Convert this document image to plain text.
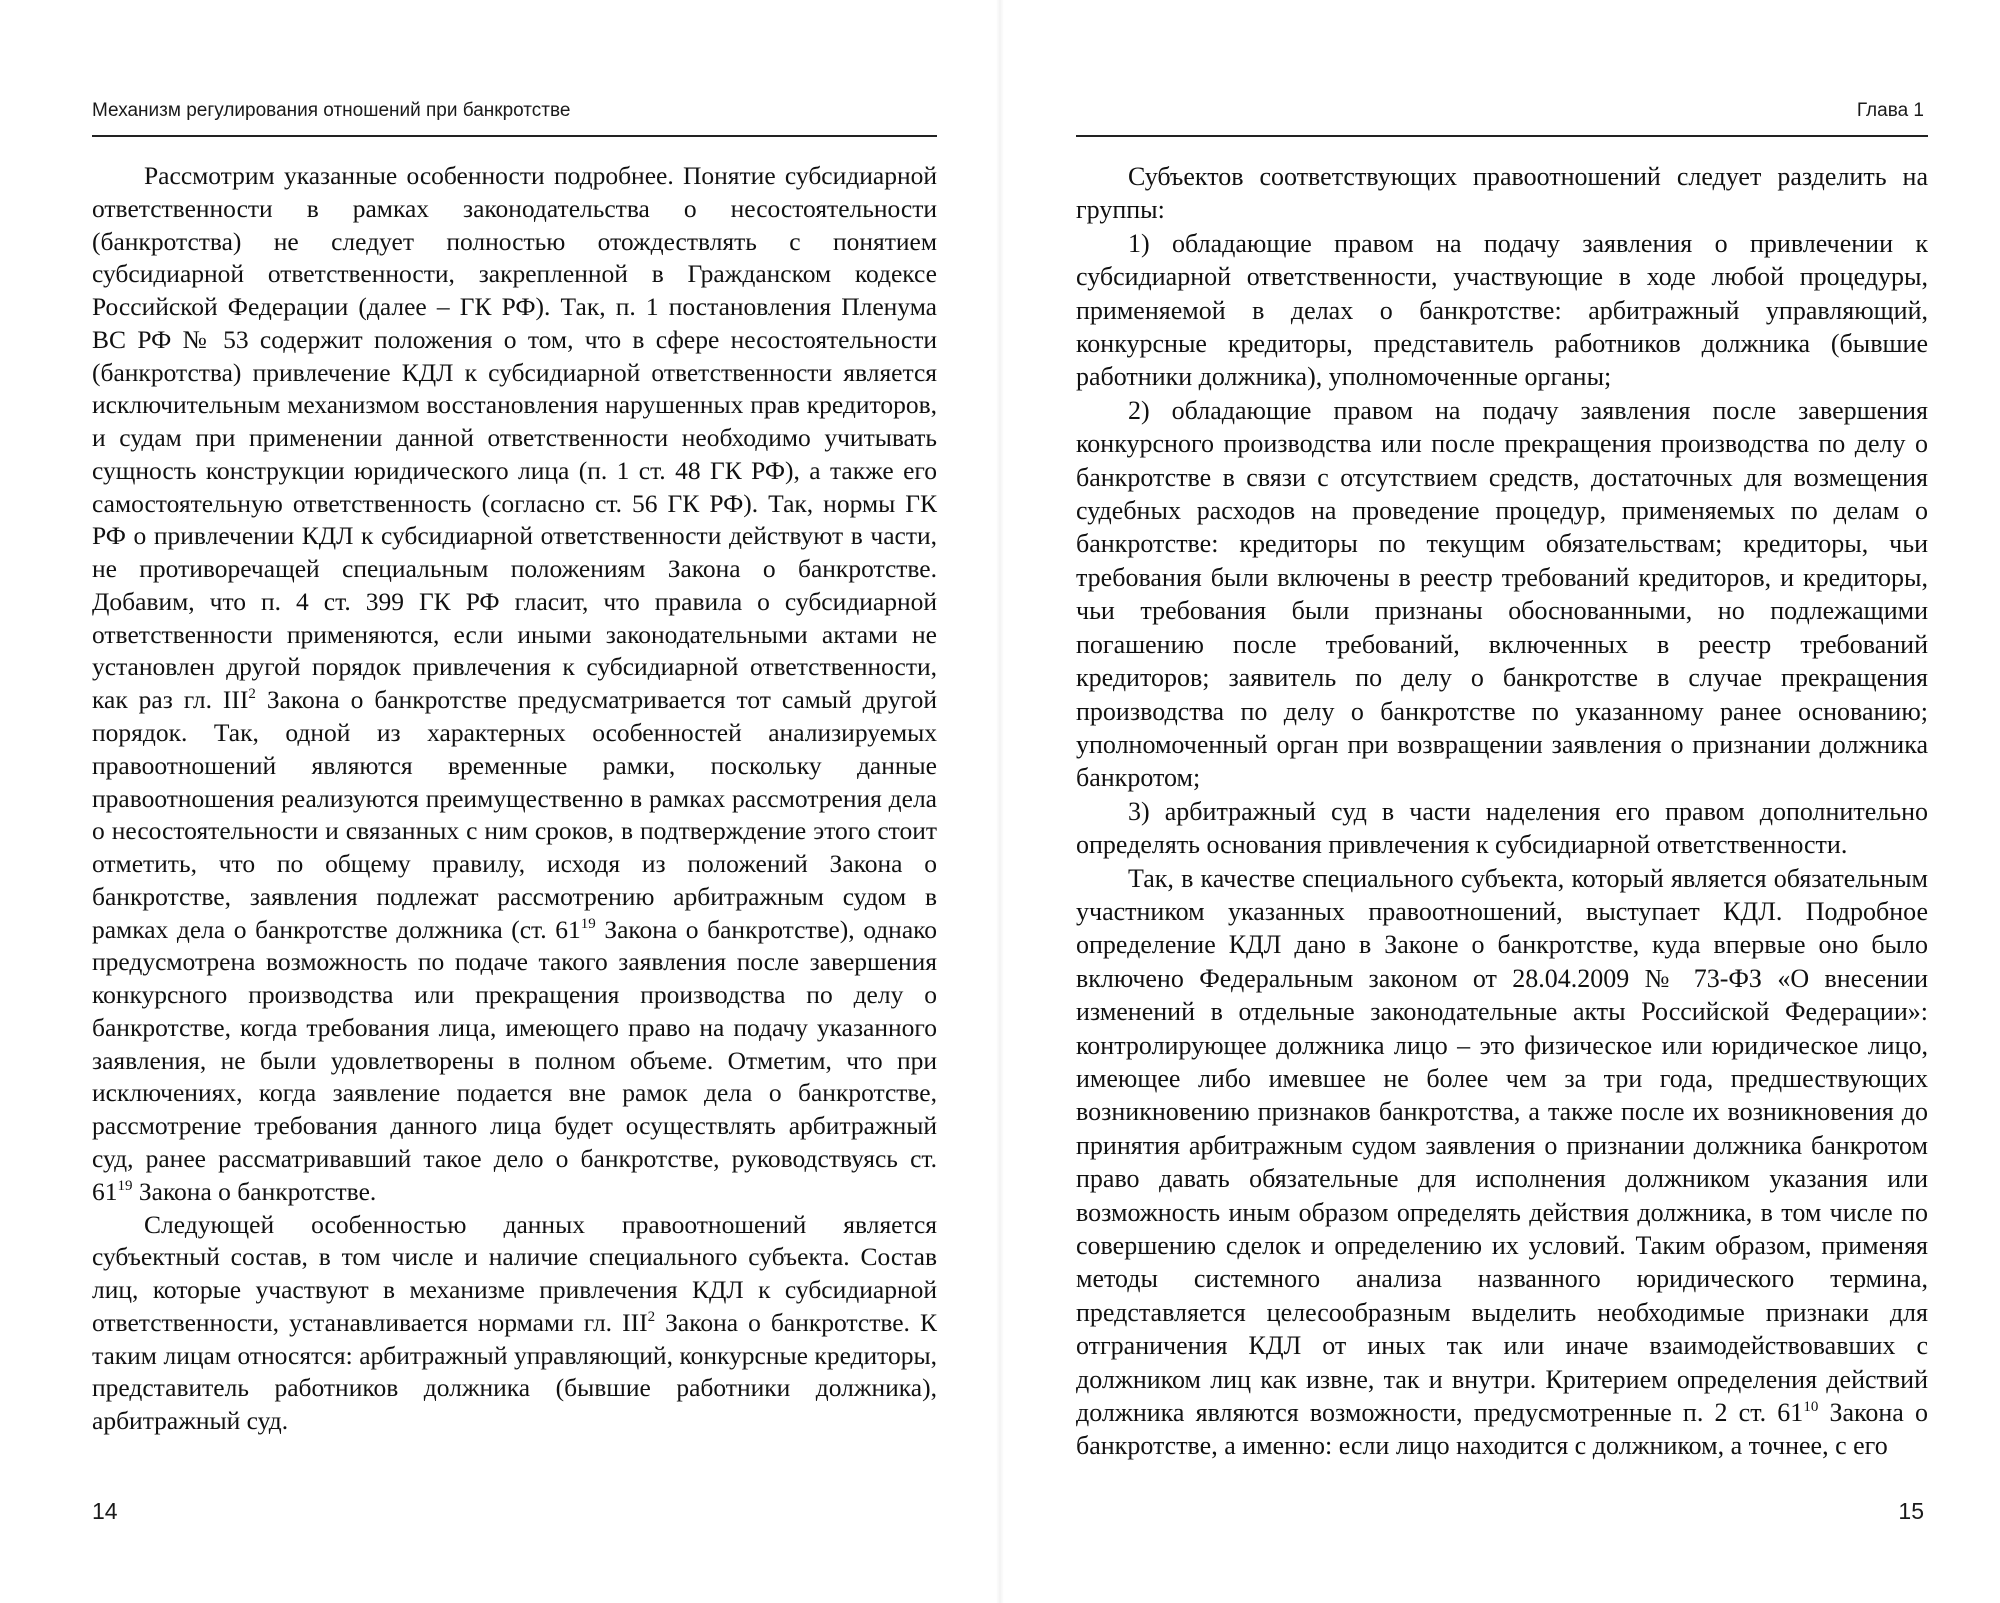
Механизм регулирования отношений при банкротстве

Рассмотрим указанные особенности подробнее. Понятие субсидиарной ответственности в рамках законодательства о несостоятельности (банкротства) не следует полностью отождествлять с понятием субсидиарной ответственности, закрепленной в Гражданском кодексе Российской Федерации (далее – ГК РФ). Так, п. 1 постановления Пленума ВС РФ № 53 содержит положения о том, что в сфере несостоятельности (банкротства) привлечение КДЛ к субсидиарной ответственности является исключительным механизмом восстановления нарушенных прав кредиторов, и судам при применении данной ответственности необходимо учитывать сущность конструкции юридического лица (п. 1 ст. 48 ГК РФ), а также его самостоятельную ответственность (согласно ст. 56 ГК РФ). Так, нормы ГК РФ о привлечении КДЛ к субсидиарной ответственности действуют в части, не противоречащей специальным положениям Закона о банкротстве. Добавим, что п. 4 ст. 399 ГК РФ гласит, что правила о субсидиарной ответственности применяются, если иными законодательными актами не установлен другой порядок привлечения к субсидиарной ответственности, как раз гл. III$^2$ Закона о банкротстве предусматривается тот самый другой порядок. Так, одной из характерных особенностей анализируемых правоотношений являются временные рамки, поскольку данные правоотношения реализуются преимущественно в рамках рассмотрения дела о несостоятельности и связанных с ним сроков, в подтверждение этого стоит отметить, что по общему правилу, исходя из положений Закона о банкротстве, заявления подлежат рассмотрению арбитражным судом в рамках дела о банкротстве должника (ст. $61^{19}$ Закона о банкротстве), однако предусмотрена возможность по подаче такого заявления после завершения конкурсного производства или прекращения производства по делу о банкротстве, когда требования лица, имеющего право на подачу указанного заявления, не были удовлетворены в полном объеме. Отметим, что при исключениях, когда заявление подается вне рамок дела о банкротстве, рассмотрение требования данного лица будет осуществлять арбитражный суд, ранее рассматривавший такое дело о банкротстве, руководствуясь ст. $61^{19}$ Закона о банкротстве.

Следующей особенностью данных правоотношений является субъектный состав, в том числе и наличие специального субъекта. Состав лиц, которые участвуют в механизме привлечения КДЛ к субсидиарной ответственности, устанавливается нормами гл. III$^2$ Закона о банкротстве. К таким лицам относятся: арбитражный управляющий, конкурсные кредиторы, представитель работников должника (бывшие работники должника), арбитражный суд.

14
Глава 1

Субъектов соответствующих правоотношений следует разделить на группы:

1) обладающие правом на подачу заявления о привлечении к субсидиарной ответственности, участвующие в ходе любой процедуры, применяемой в делах о банкротстве: арбитражный управляющий, конкурсные кредиторы, представитель работников должника (бывшие работники должника), уполномоченные органы;

2) обладающие правом на подачу заявления после завершения конкурсного производства или после прекращения производства по делу о банкротстве в связи с отсутствием средств, достаточных для возмещения судебных расходов на проведение процедур, применяемых по делам о банкротстве: кредиторы по текущим обязательствам; кредиторы, чьи требования были включены в реестр требований кредиторов, и кредиторы, чьи требования были признаны обоснованными, но подлежащими погашению после требований, включенных в реестр требований кредиторов; заявитель по делу о банкротстве в случае прекращения производства по делу о банкротстве по указанному ранее основанию; уполномоченный орган при возвращении заявления о признании должника банкротом;

3) арбитражный суд в части наделения его правом дополнительно определять основания привлечения к субсидиарной ответственности.

Так, в качестве специального субъекта, который является обязательным участником указанных правоотношений, выступает КДЛ. Подробное определение КДЛ дано в Законе о банкротстве, куда впервые оно было включено Федеральным законом от 28.04.2009 № 73-ФЗ «О внесении изменений в отдельные законодательные акты Российской Федерации»: контролирующее должника лицо – это физическое или юридическое лицо, имеющее либо имевшее не более чем за три года, предшествующих возникновению признаков банкротства, а также после их возникновения до принятия арбитражным судом заявления о признании должника банкротом право давать обязательные для исполнения должником указания или возможность иным образом определять действия должника, в том числе по совершению сделок и определению их условий. Таким образом, применяя методы системного анализа названного юридического термина, представляется целесообразным выделить необходимые признаки для отграничения КДЛ от иных так или иначе взаимодействовавших с должником лиц как извне, так и внутри. Критерием определения действий должника являются возможности, предусмотренные п. 2 ст. $61^{10}$ Закона о банкротстве, а именно: если лицо находится с должником, а точнее, с его

15
